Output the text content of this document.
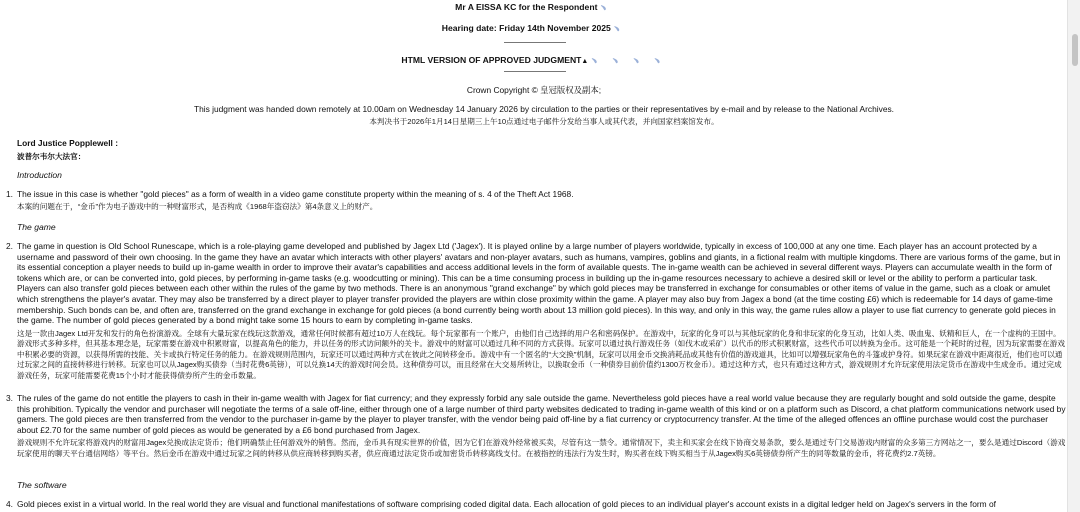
Mr A EISSA KC for the Respondent ﹅
Hearing date: Friday 14th November 2025 ﹅
HTML VERSION OF APPROVED JUDGMENT▲ ﹅ ﹅ ﹅ ﹅
Crown Copyright © 皇冠版权及副本;
This judgment was handed down remotely at 10.00am on Wednesday 14 January 2026 by circulation to the parties or their representatives by e-mail and by release to the National Archives.
本判决书于2026年1月14日星期三上午10点通过电子邮件分发给当事人或其代表，并向国家档案馆发布。
Lord Justice Popplewell :
波普尔韦尔大法官：
Introduction
1. The issue in this case is whether "gold pieces" as a form of wealth in a video game constitute property within the meaning of s. 4 of the Theft Act 1968.
本案的问题在于，“金币”作为电子游戏中的一种财富形式，是否构成《1968年盗窃法》第4条意义上的财产。
The game
2. The game in question is Old School Runescape, which is a role-playing game developed and published by Jagex Ltd ('Jagex'). It is played online by a large number of players worldwide, typically in excess of 100,000 at any one time. Each player has an account protected by a username and password of their own choosing. In the game they have an avatar which interacts with other players' avatars and non-player avatars, such as humans, vampires, goblins and giants, in a fictional realm with multiple kingdoms. There are various forms of the game, but in its essential conception a player needs to build up in-game wealth in order to improve their avatar's capabilities and access additional levels in the form of available quests. The in-game wealth can be achieved in several different ways. Players can accumulate wealth in the form of tokens which are, or can be converted into, gold pieces, by performing in-game tasks (e.g. woodcutting or mining). This can be a time consuming process in building up the in-game resources necessary to achieve a desired skill or level or the ability to perform a particular task. Players can also transfer gold pieces between each other within the rules of the game by two methods. There is an anonymous "grand exchange" by which gold pieces may be transferred in exchange for consumables or other items of value in the game, such as a cloak or amulet which strengthens the player's avatar. They may also be transferred by a direct player to player transfer provided the players are within close proximity within the game. A player may also buy from Jagex a bond (at the time costing £6) which is redeemable for 14 days of game-time membership. Such bonds can be, and often are, transferred on the grand exchange in exchange for gold pieces (a bond currently being worth about 13 million gold pieces). In this way, and only in this way, the game rules allow a player to use fiat currency to generate gold pieces in the game. The number of gold pieces generated by a bond might take some 15 hours to earn by completing in-game tasks.
这是一款由Jagex Ltd开发和发行的角色扮演游戏。全球有大量玩家在线玩这款游戏，通常任何时候都有超过10万人在线玩。每个玩家都有一个账户，由他们自己选择的用户名和密码保护。在游戏中，玩家的化身可以与其他玩家的化身和非玩家的化身互动，比如人类、吸血鬼、妖精和巨人，在一个虚构的王国中。游戏形式多种多样，但其基本理念是，玩家需要在游戏中积累财富，以提高角色的能力，并以任务的形式访问额外的关卡。游戏中的财富可以通过几种不同的方式获得。玩家可以通过执行游戏任务（如伐木或采矿）以代币的形式积累财富，这些代币可以转换为金币。这可能是一个耗时的过程，因为玩家需要在游戏中积累必要的资源，以获得所需的技能、关卡或执行特定任务的能力。在游戏规则范围内，玩家还可以通过两种方式在彼此之间转移金币。游戏中有一个匿名的“大交换”机制，玩家可以用金币交换消耗品或其他有价值的游戏道具，比如可以增强玩家角色的斗篷或护身符。如果玩家在游戏中距离很近，他们也可以通过玩家之间的直接转移进行转移。玩家也可以从Jagex购买债券（当时花费6英镑），可以兑换14天的游戏时间会员。这种债券可以，而且经常在大交易所转让，以换取金币（一种债券目前价值约1300万枚金币）。通过这种方式，也只有通过这种方式，游戏规则才允许玩家使用法定货币在游戏中生成金币。通过完成游戏任务，玩家可能需要花费15个小时才能获得债券所产生的金币数量。
3. The rules of the game do not entitle the players to cash in their in-game wealth with Jagex for fiat currency; and they expressly forbid any sale outside the game. Nevertheless gold pieces have a real world value because they are regularly bought and sold outside the game, despite this prohibition. Typically the vendor and purchaser will negotiate the terms of a sale off-line, either through one of a large number of third party websites dedicated to trading in-game wealth of this kind or on a platform such as Discord, a chat platform communications network used by gamers. The gold pieces are then transferred from the vendor to the purchaser in-game by the player to player transfer, with the vendor being paid off-line by a fiat currency or cryptocurrency transfer. At the time of the alleged offences an offline purchase would cost the purchaser about £2.70 for the same number of gold pieces as would be generated by a £6 bond purchased from Jagex.
游戏规则不允许玩家将游戏内的财富用Jagex兑换成法定货币；他们明确禁止任何游戏外的销售。然而，金币具有现实世界的价值，因为它们在游戏外经常被买卖，尽管有这一禁令。通常情况下，卖主和买家会在线下协商交易条款，要么是通过专门交易游戏内财富的众多第三方网站之一，要么是通过Discord（游戏玩家使用的聊天平台通信网络）等平台。然后金币在游戏中通过玩家之间的转移从供应商转移到购买者，供应商通过法定货币或加密货币转移离线支付。在被指控的违法行为发生时，购买者在线下购买相当于从Jagex购买6英镑债券所产生的同等数量的金币，将花费约2.7英镑。
The software
4. Gold pieces exist in a virtual world. In the real world they are visual and functional manifestations of software comprising coded digital data. Each allocation of gold pieces to an individual player's account exists in a digital ledger held on Jagex's servers in the form of
